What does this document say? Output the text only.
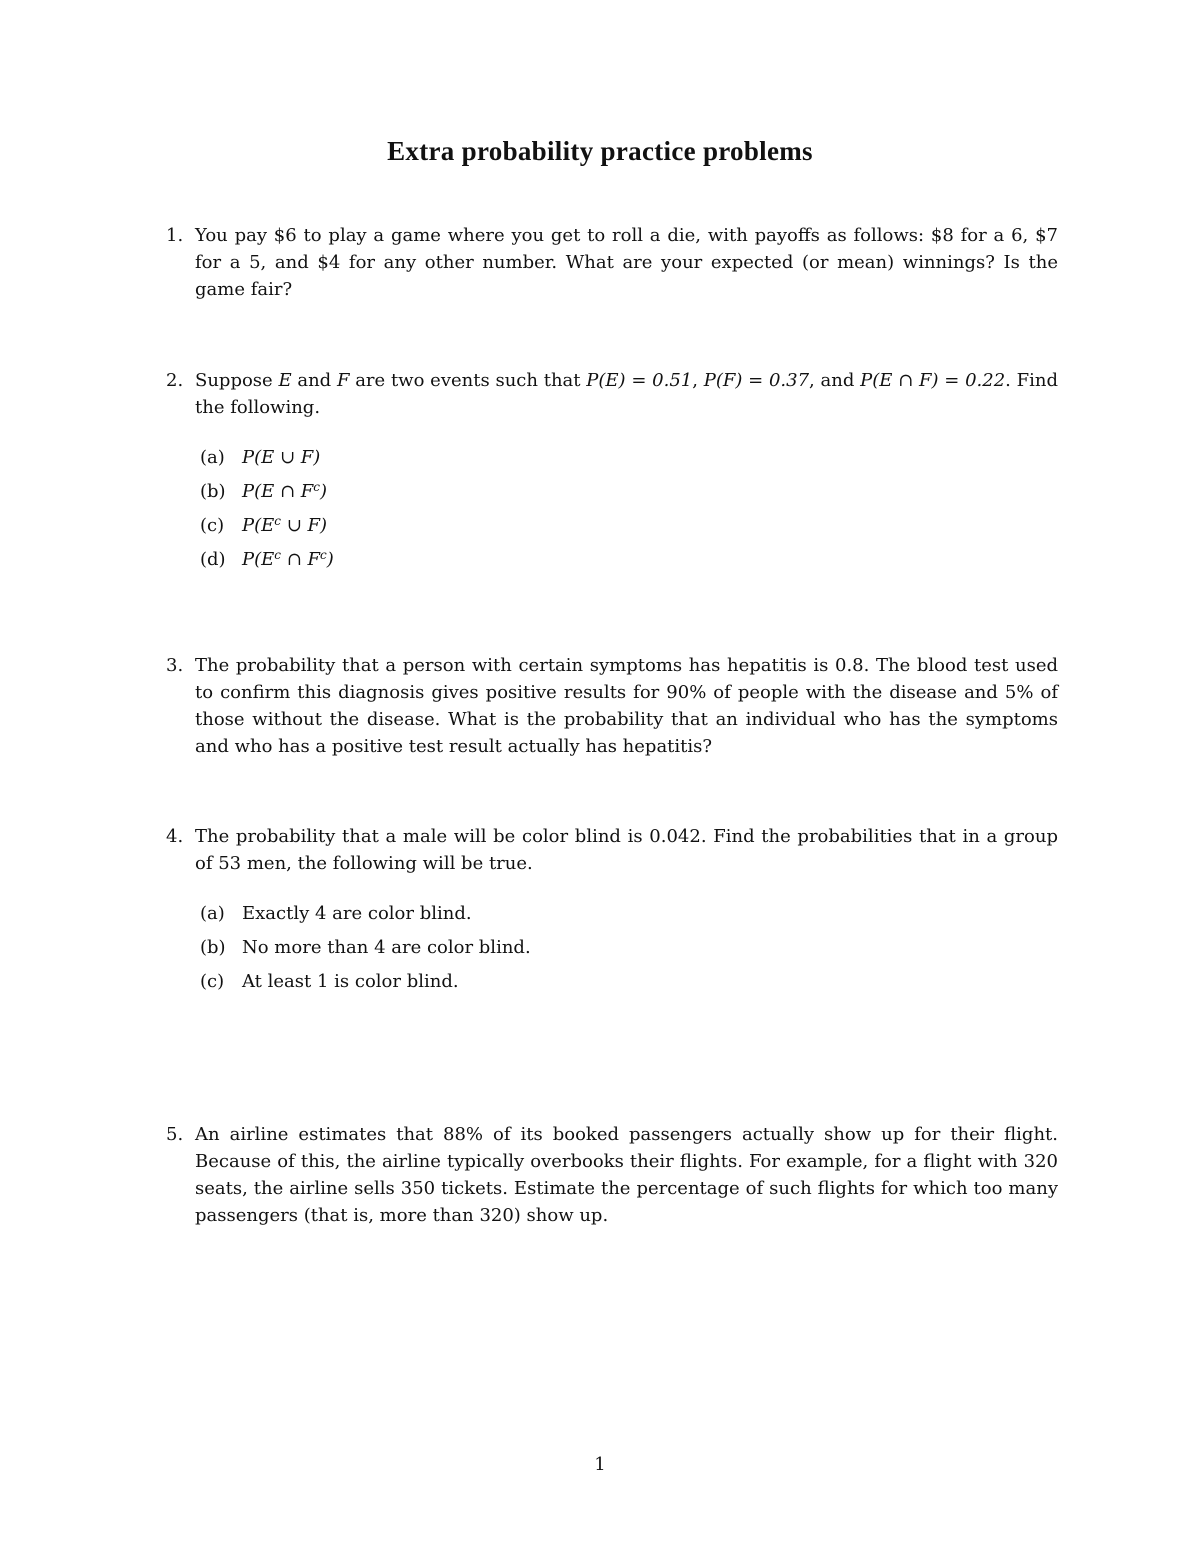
Extra probability practice problems
1. You pay $6 to play a game where you get to roll a die, with payoffs as follows: $8 for a 6, $7 for a 5, and $4 for any other number. What are your expected (or mean) winnings? Is the game fair?
2. Suppose E and F are two events such that P(E) = 0.51, P(F) = 0.37, and P(E ∩ F) = 0.22. Find the following.
(a) P(E ∪ F)
(b) P(E ∩ $F^c$)
(c) $P(E^c$ ∪ F)
(d) $P(E^c$ ∩ $F^c$)
3. The probability that a person with certain symptoms has hepatitis is 0.8. The blood test used to confirm this diagnosis gives positive results for 90% of people with the disease and 5% of those without the disease. What is the probability that an individual who has the symptoms and who has a positive test result actually has hepatitis?
4. The probability that a male will be color blind is 0.042. Find the probabilities that in a group of 53 men, the following will be true.
(a) Exactly 4 are color blind.
(b) No more than 4 are color blind.
(c) At least 1 is color blind.
5. An airline estimates that 88% of its booked passengers actually show up for their flight. Because of this, the airline typically overbooks their flights. For example, for a flight with 320 seats, the airline sells 350 tickets. Estimate the percentage of such flights for which too many passengers (that is, more than 320) show up.
1
